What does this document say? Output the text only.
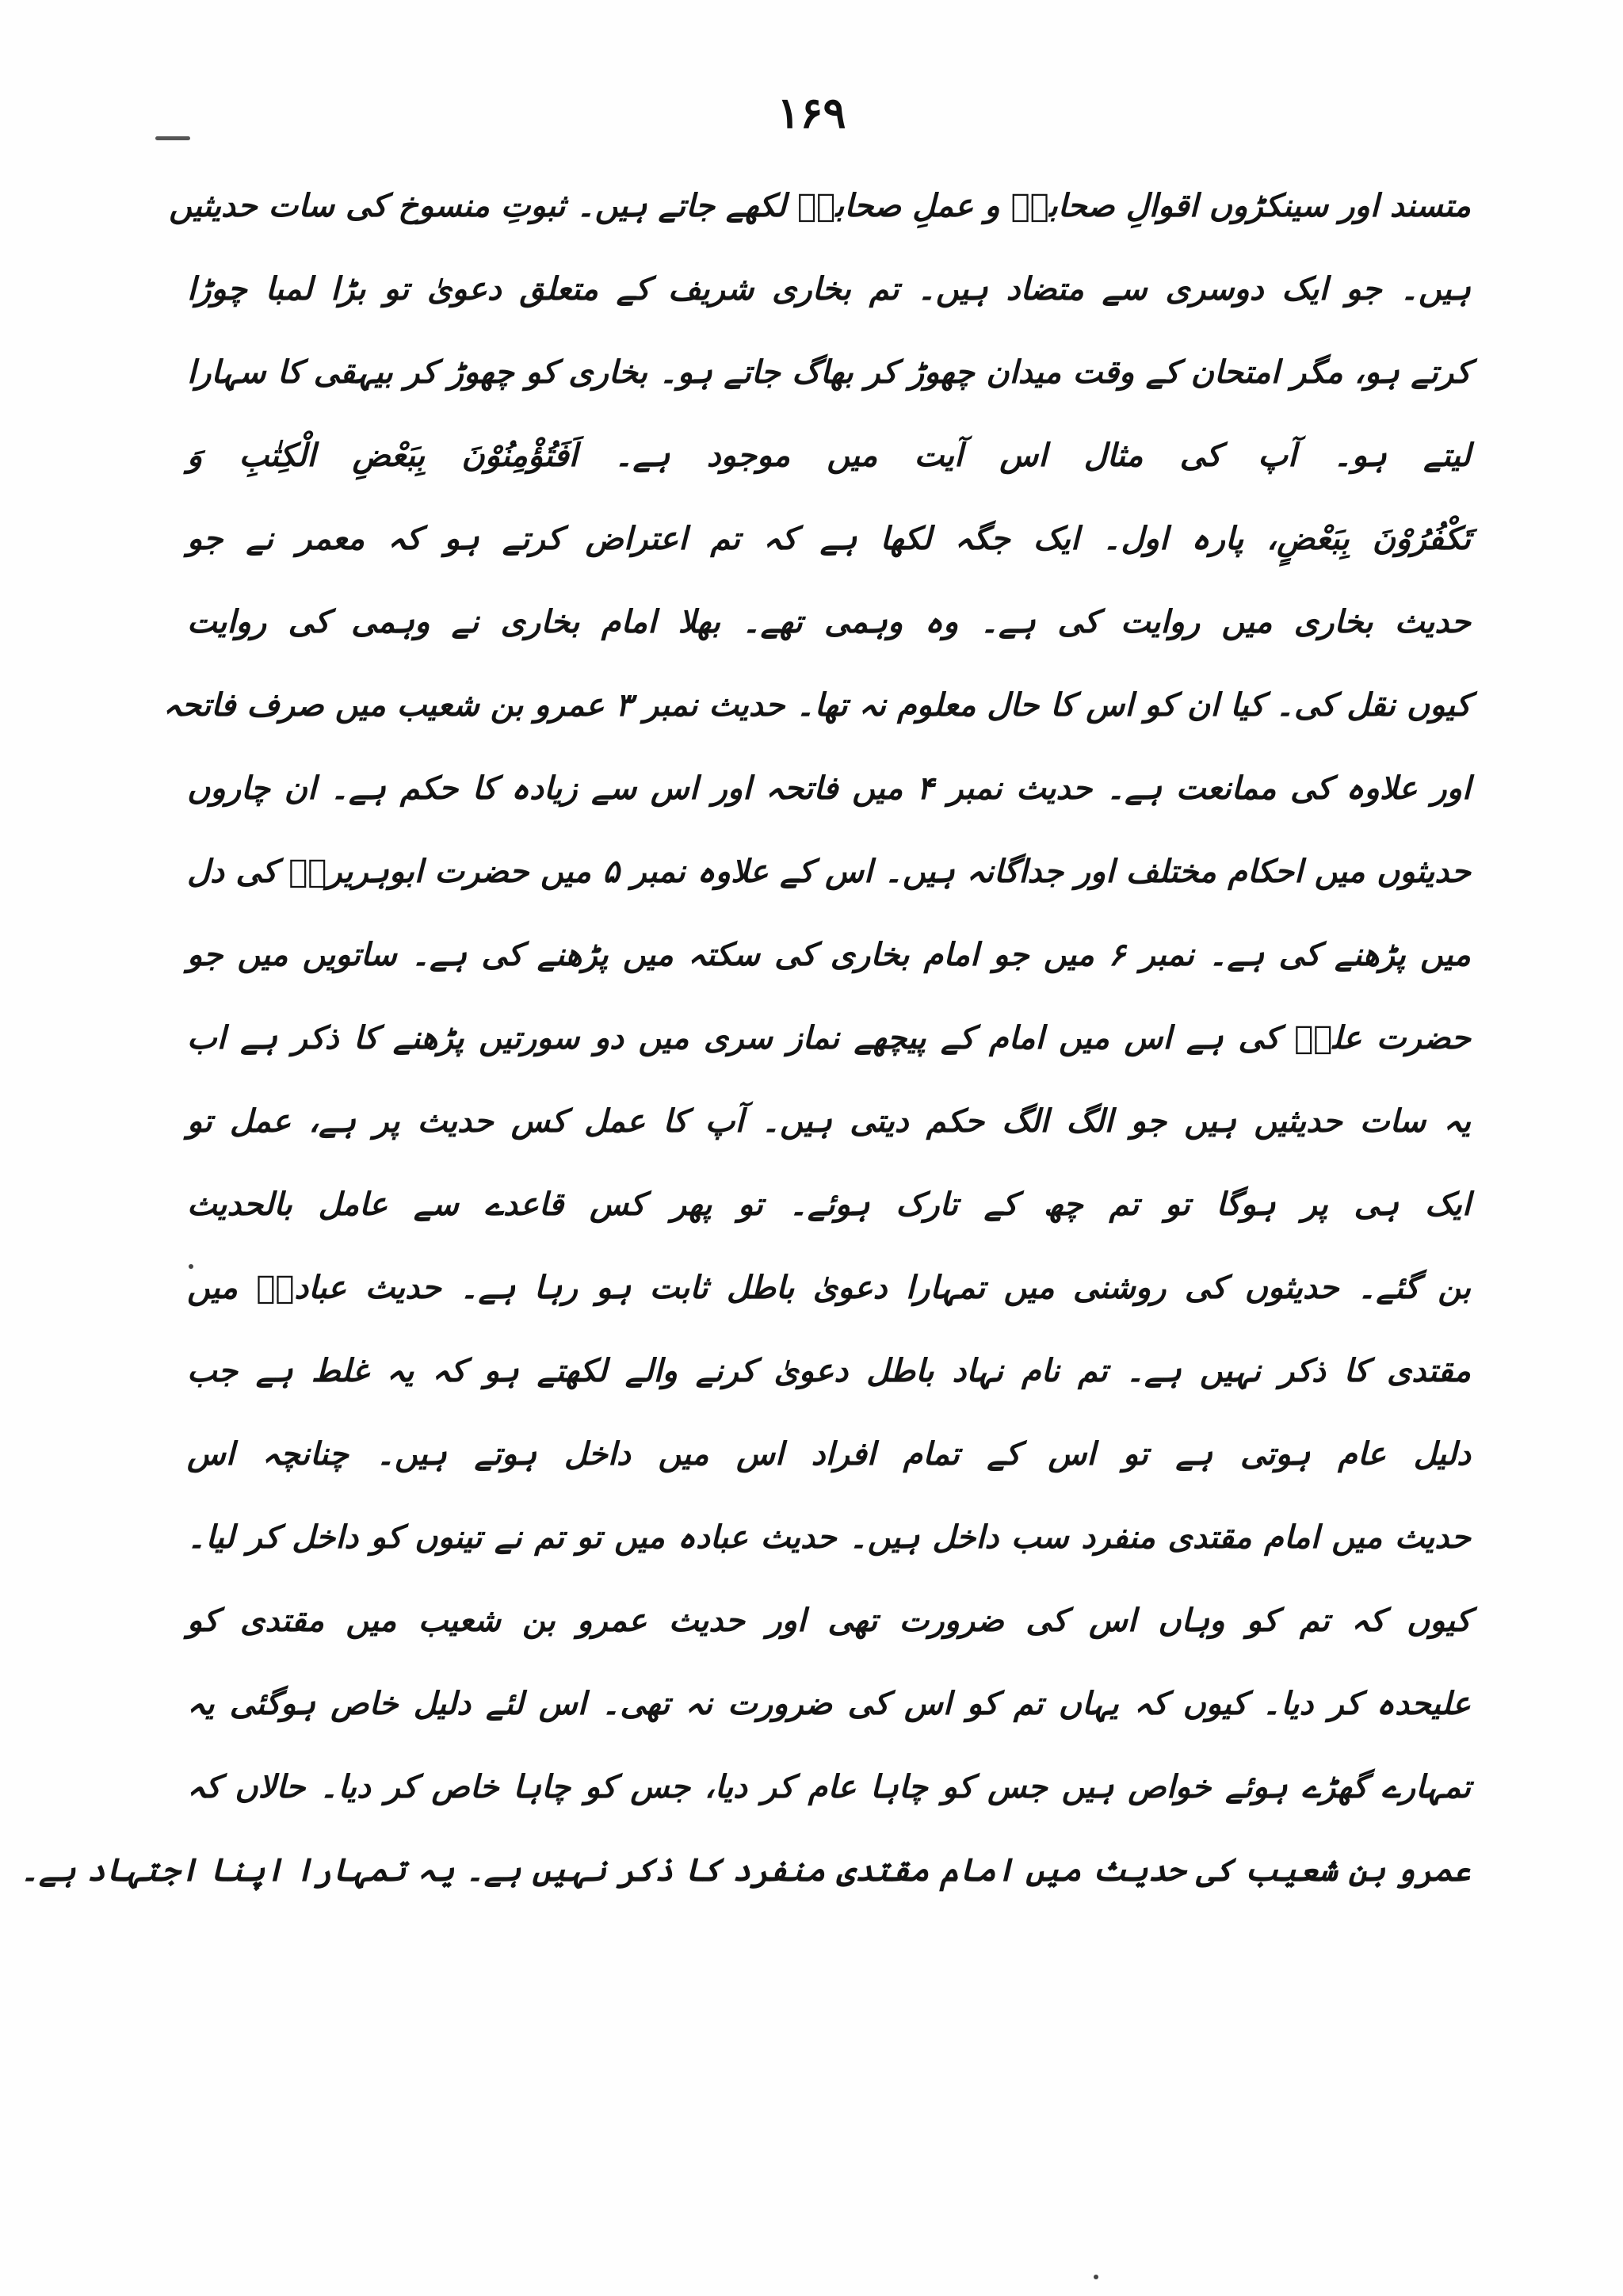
۱۶۹
متسند اور سینکڑوں اقوالِ صحابہؓ و عملِ صحابہؓ لکھے جاتے ہیں۔ ثبوتِ منسوخ کی سات حدیثیں
ہیں۔ جو ایک دوسری سے متضاد ہیں۔ تم بخاری شریف کے متعلق دعویٰ تو بڑا لمبا چوڑا
کرتے ہو، مگر امتحان کے وقت میدان چھوڑ کر بھاگ جاتے ہو۔ بخاری کو چھوڑ کر بیہقی کا سہارا
لیتے ہو۔ آپ کی مثال اس آیت میں موجود ہے۔ اَفَتُؤْمِنُوْنَ بِبَعْضِ الْکِتٰبِ وَ
تَکْفُرُوْنَ بِبَعْضٍ، پارہ اول۔ ایک جگہ لکھا ہے کہ تم اعتراض کرتے ہو کہ معمر نے جو
حدیث بخاری میں روایت کی ہے۔ وہ وہمی تھے۔ بھلا امام بخاری نے وہمی کی روایت
کیوں نقل کی۔ کیا ان کو اس کا حال معلوم نہ تھا۔ حدیث نمبر ۳ عمرو بن شعیب میں صرف فاتحہ
اور علاوہ کی ممانعت ہے۔ حدیث نمبر ۴ میں فاتحہ اور اس سے زیادہ کا حکم ہے۔ ان چاروں
حدیثوں میں احکام مختلف اور جداگانہ ہیں۔ اس کے علاوہ نمبر ۵ میں حضرت ابوہریرہؓ کی دل
میں پڑھنے کی ہے۔ نمبر ۶ میں جو امام بخاری کی سکتہ میں پڑھنے کی ہے۔ ساتویں میں جو
حضرت علیؓ کی ہے اس میں امام کے پیچھے نماز سری میں دو سورتیں پڑھنے کا ذکر ہے اب
یہ سات حدیثیں ہیں جو الگ الگ حکم دیتی ہیں۔ آپ کا عمل کس حدیث پر ہے، عمل تو
ایک ہی پر ہوگا تو تم چھ کے تارک ہوئے۔ تو پھر کس قاعدے سے عامل بالحدیث
بن گئے۔ حدیثوں کی روشنی میں تمہارا دعویٰ باطل ثابت ہو رہا ہے۔ حدیث عبادہؓ میں
مقتدی کا ذکر نہیں ہے۔ تم نام نہاد باطل دعویٰ کرنے والے لکھتے ہو کہ یہ غلط ہے جب
دلیل عام ہوتی ہے تو اس کے تمام افراد اس میں داخل ہوتے ہیں۔ چنانچہ اس
حدیث میں امام مقتدی منفرد سب داخل ہیں۔ حدیث عبادہ میں تو تم نے تینوں کو داخل کر لیا۔
کیوں کہ تم کو وہاں اس کی ضرورت تھی اور حدیث عمرو بن شعیب میں مقتدی کو
علیحدہ کر دیا۔ کیوں کہ یہاں تم کو اس کی ضرورت نہ تھی۔ اس لئے دلیل خاص ہوگئی یہ
تمہارے گھڑے ہوئے خواص ہیں جس کو چاہا عام کر دیا، جس کو چاہا خاص کر دیا۔ حالاں کہ
عمرو بن شعیب کی حدیث میں امام مقتدی منفرد کا ذکر نہیں ہے۔ یہ تمہارا اپنا اجتہاد ہے۔
